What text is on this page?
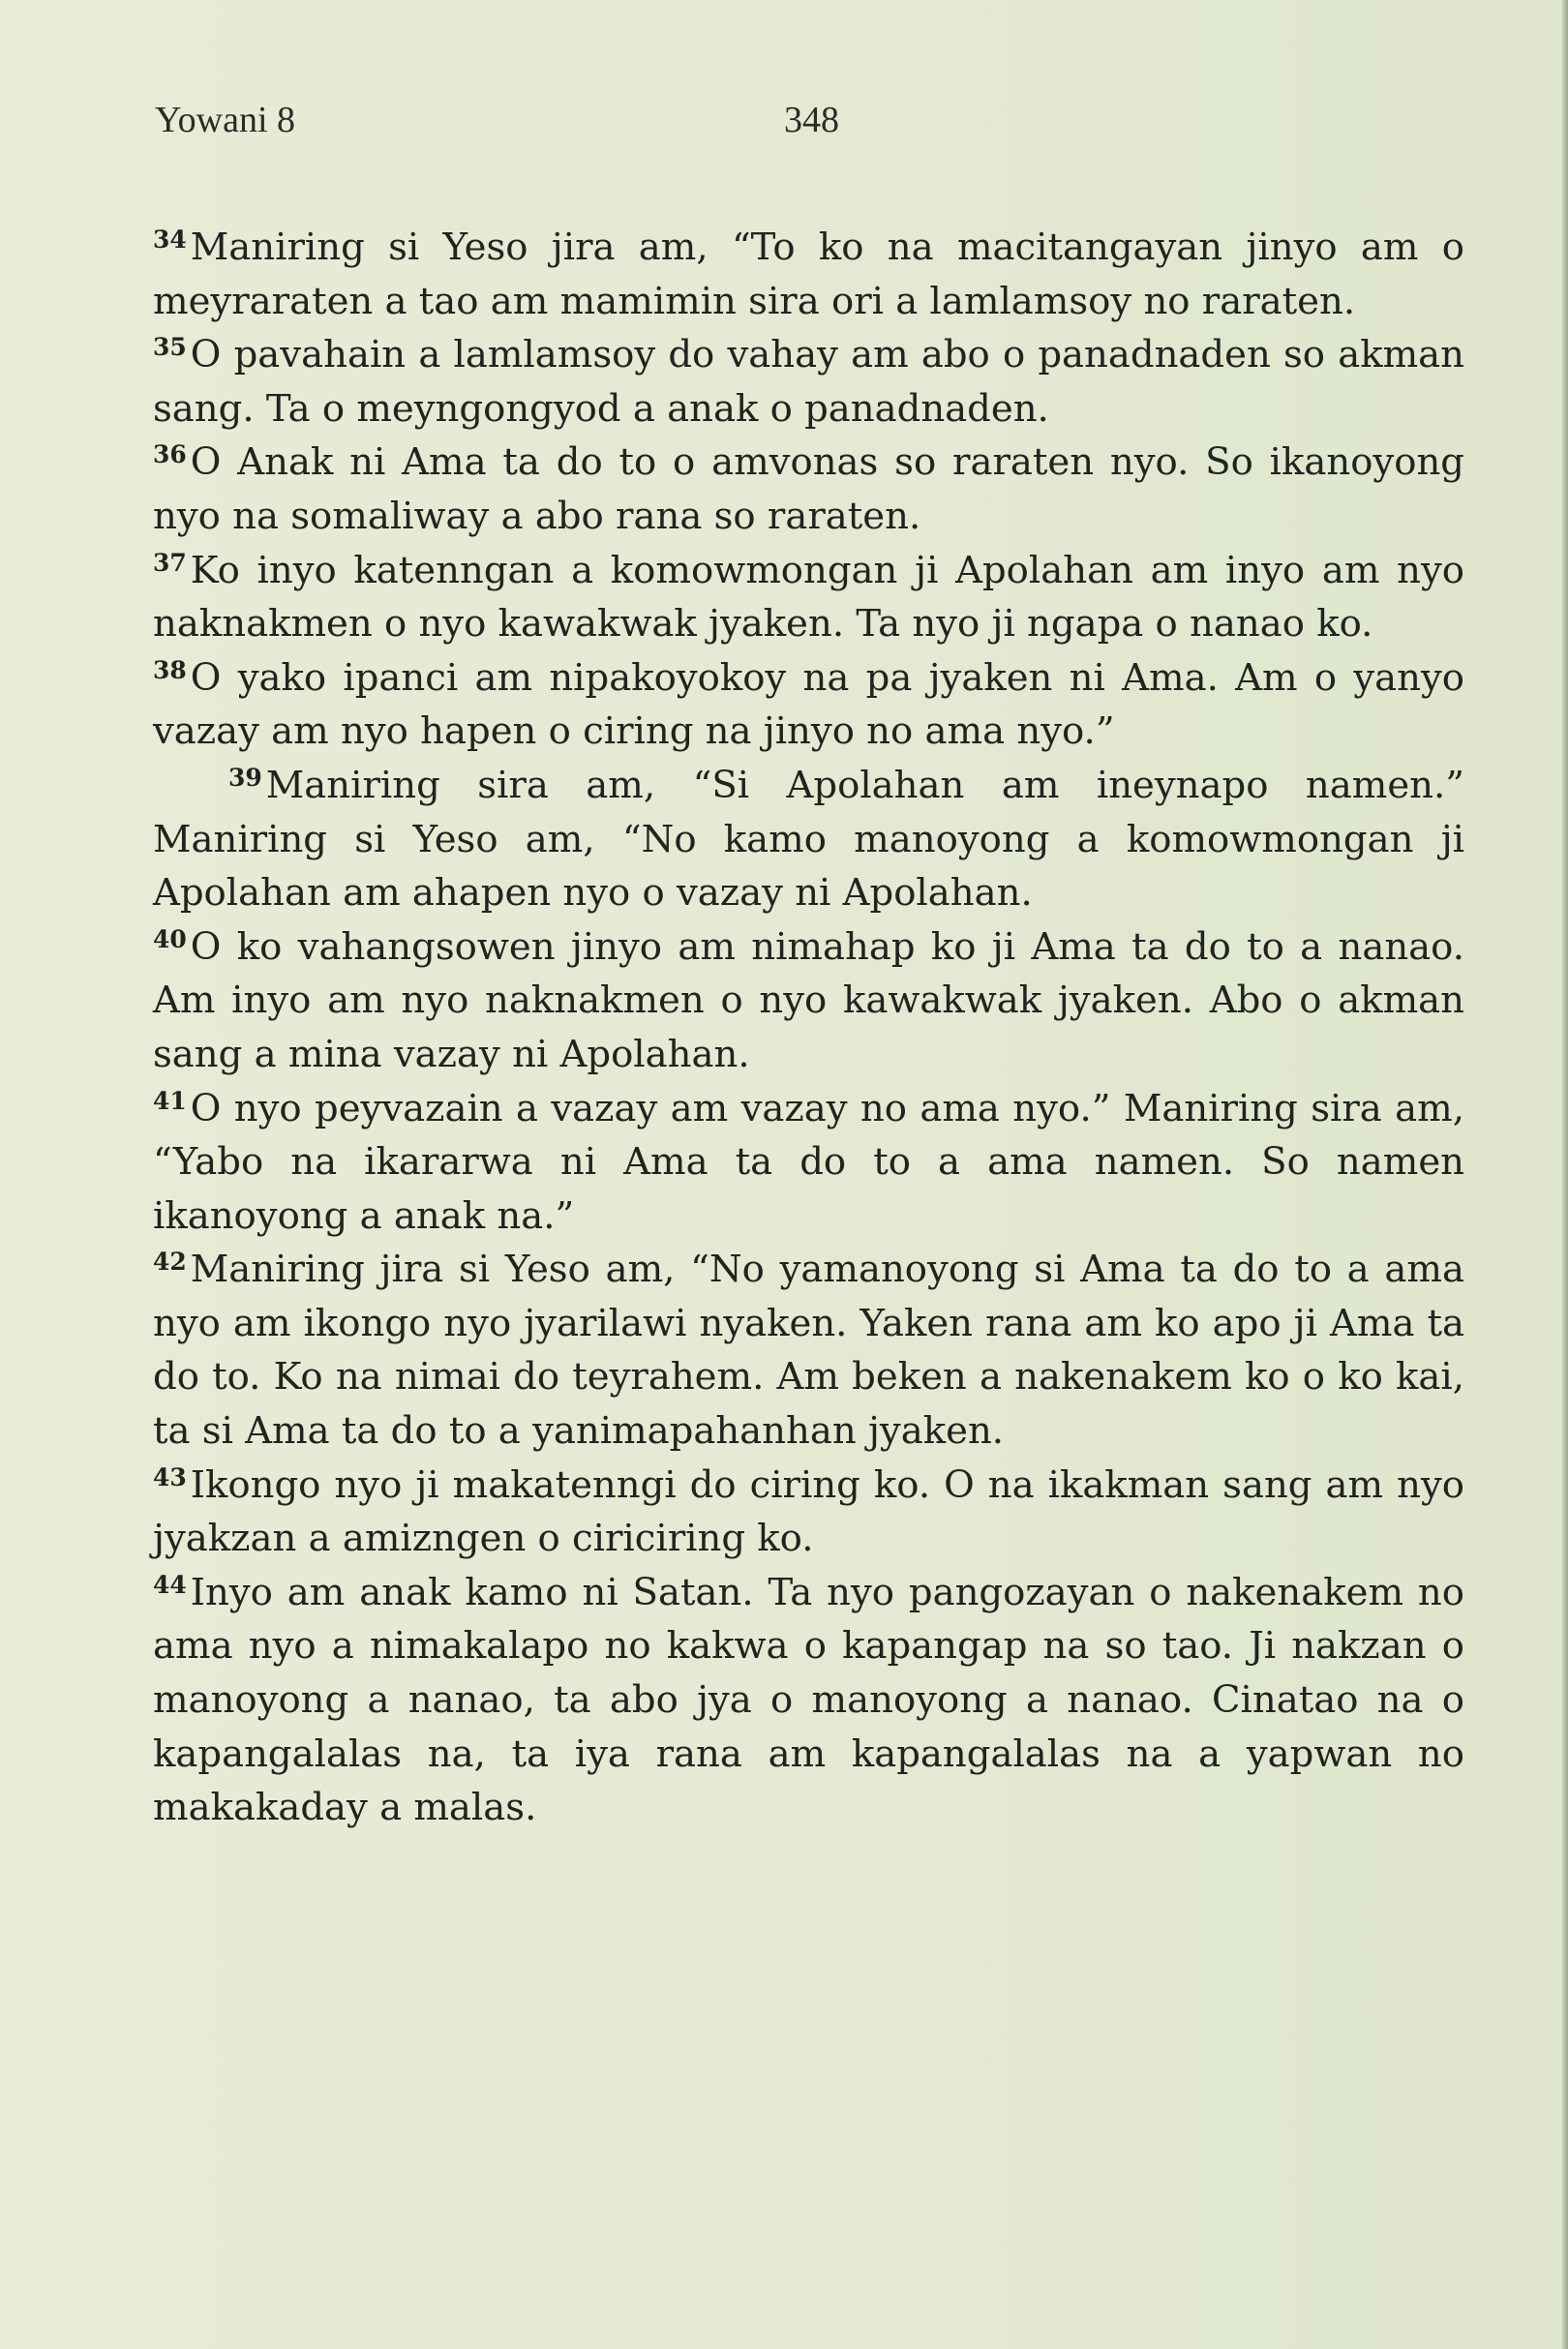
Yowani 8	348

$^{34}$ Maniring si Yeso jira am, “To ko na macitangayan jinyo am o meyraraten a tao am mamimin sira ori a lamlamsoy no raraten.

$^{35}$ O pavahain a lamlamsoy do vahay am abo o panadnaden so akman sang. Ta o meyngongyod a anak o panadnaden.

$^{36}$ O Anak ni Ama ta do to o amvonas so raraten nyo. So ikanoyong nyo na somaliway a abo rana so raraten.

$^{37}$ Ko inyo katenngan a komowmongan ji Apolahan am inyo am nyo naknakmen o nyo kawakwak jyaken. Ta nyo ji ngapa o nanao ko.

$^{38}$ O yako ipanci am nipakoyokoy na pa jyaken ni Ama. Am o yanyo vazay am nyo hapen o ciring na jinyo no ama nyo.”

$^{39}$ Maniring sira am, “Si Apolahan am ineynapo namen.” Maniring si Yeso am, “No kamo manoyong a komowmongan ji Apolahan am ahapen nyo o vazay ni Apolahan.

$^{40}$ O ko vahangsowen jinyo am nimahap ko ji Ama ta do to a nanao. Am inyo am nyo naknakmen o nyo kawakwak jyaken. Abo o akman sang a mina vazay ni Apolahan.

$^{41}$ O nyo peyvazain a vazay am vazay no ama nyo.” Maniring sira am, “Yabo na ikararwa ni Ama ta do to a ama namen. So namen ikanoyong a anak na.”

$^{42}$ Maniring jira si Yeso am, “No yamanoyong si Ama ta do to a ama nyo am ikongo nyo jyarilawi nyaken. Yaken rana am ko apo ji Ama ta do to. Ko na nimai do teyrahem. Am beken a nakenakem ko o ko kai, ta si Ama ta do to a yanimapahanhan jyaken.

$^{43}$ Ikongo nyo ji makatenngi do ciring ko. O na ikakman sang am nyo jyakzan a amizngen o ciriciring ko.

$^{44}$ Inyo am anak kamo ni Satan. Ta nyo pangozayan o nakenakem no ama nyo a nimakalapo no kakwa o kapangap na so tao. Ji nakzan o manoyong a nanao, ta abo jya o manoyong a nanao. Cinatao na o kapangalalas na, ta iya rana am kapangalalas na a yapwan no makakaday a malas.
